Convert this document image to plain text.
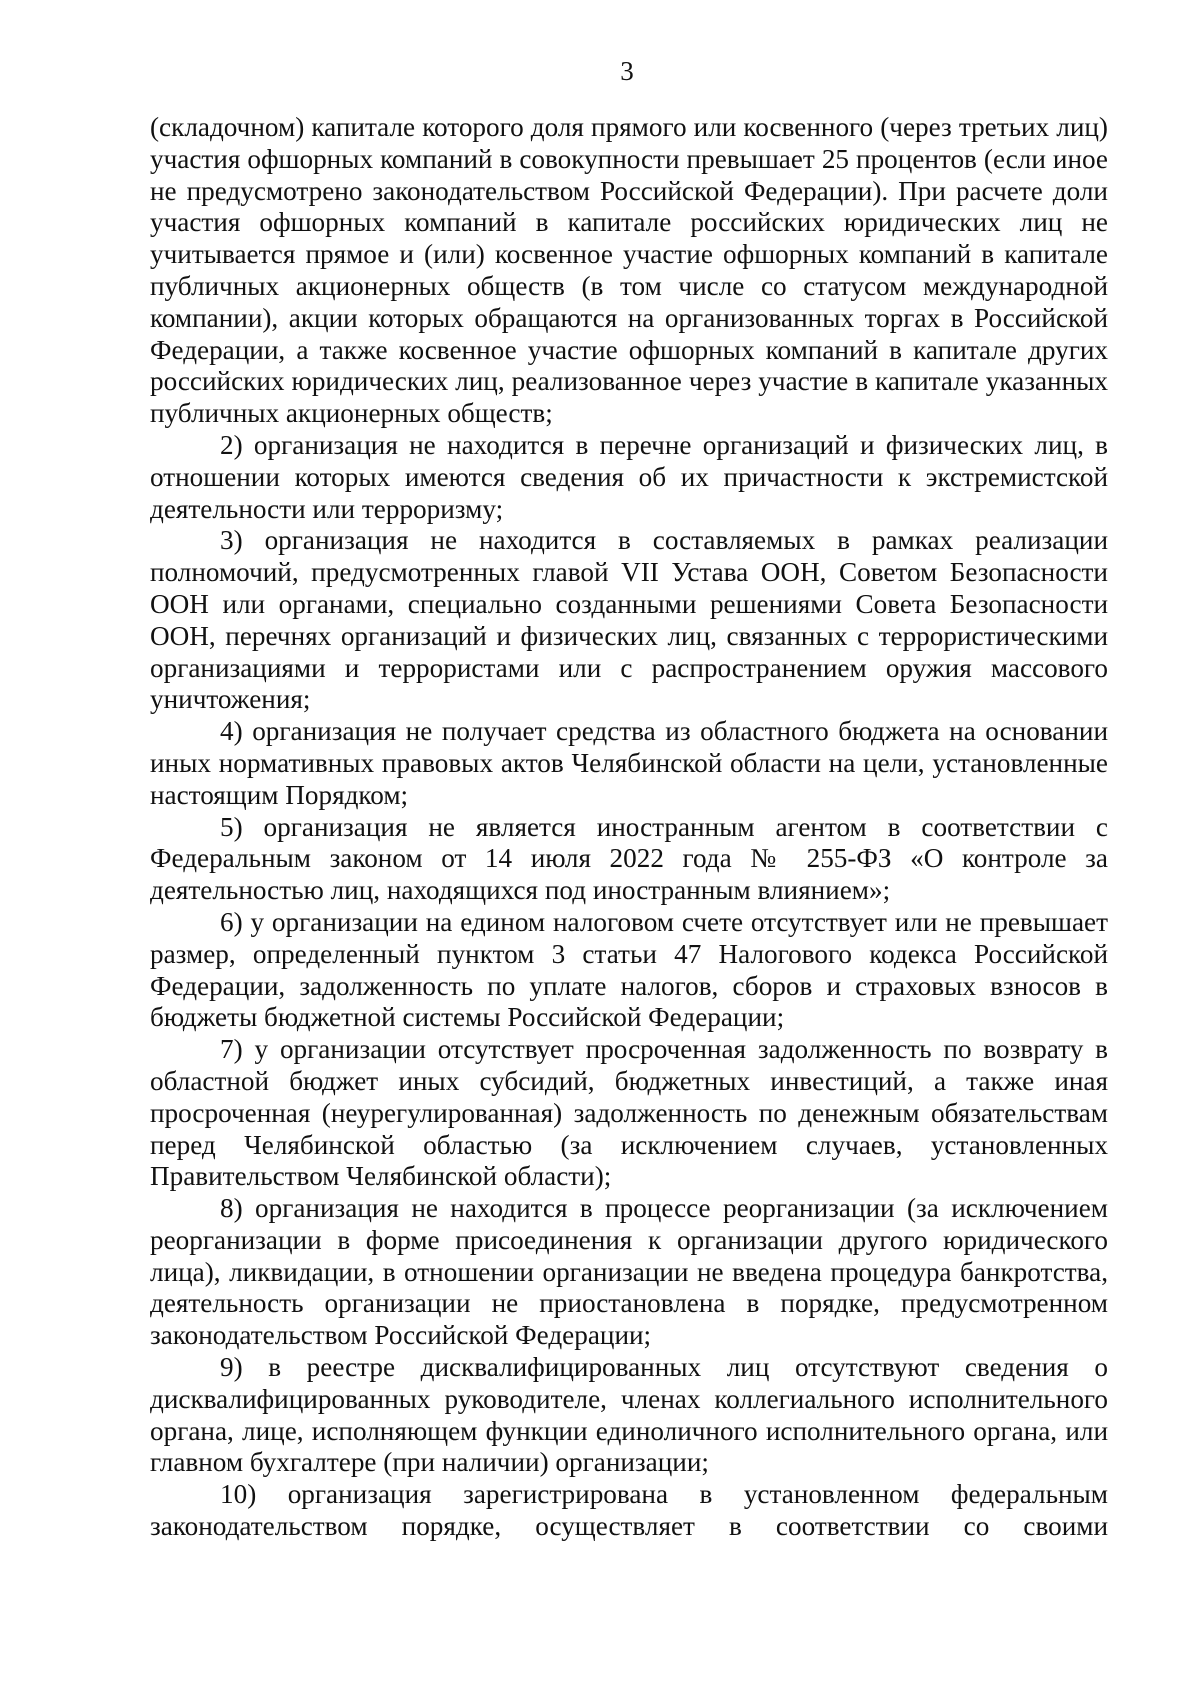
3

(складочном) капитале которого доля прямого или косвенного (через третьих лиц) участия офшорных компаний в совокупности превышает 25 процентов (если иное не предусмотрено законодательством Российской Федерации). При расчете доли участия офшорных компаний в капитале российских юридических лиц не учитывается прямое и (или) косвенное участие офшорных компаний в капитале публичных акционерных обществ (в том числе со статусом международной компании), акции которых обращаются на организованных торгах в Российской Федерации, а также косвенное участие офшорных компаний в капитале других российских юридических лиц, реализованное через участие в капитале указанных публичных акционерных обществ;

2) организация не находится в перечне организаций и физических лиц, в отношении которых имеются сведения об их причастности к экстремистской деятельности или терроризму;

3) организация не находится в составляемых в рамках реализации полномочий, предусмотренных главой VII Устава ООН, Советом Безопасности ООН или органами, специально созданными решениями Совета Безопасности ООН, перечнях организаций и физических лиц, связанных с террористическими организациями и террористами или с распространением оружия массового уничтожения;

4) организация не получает средства из областного бюджета на основании иных нормативных правовых актов Челябинской области на цели, установленные настоящим Порядком;

5) организация не является иностранным агентом в соответствии с Федеральным законом от 14 июля 2022 года № 255-ФЗ «О контроле за деятельностью лиц, находящихся под иностранным влиянием»;

6) у организации на едином налоговом счете отсутствует или не превышает размер, определенный пунктом 3 статьи 47 Налогового кодекса Российской Федерации, задолженность по уплате налогов, сборов и страховых взносов в бюджеты бюджетной системы Российской Федерации;

7) у организации отсутствует просроченная задолженность по возврату в областной бюджет иных субсидий, бюджетных инвестиций, а также иная просроченная (неурегулированная) задолженность по денежным обязательствам перед Челябинской областью (за исключением случаев, установленных Правительством Челябинской области);

8) организация не находится в процессе реорганизации (за исключением реорганизации в форме присоединения к организации другого юридического лица), ликвидации, в отношении организации не введена процедура банкротства, деятельность организации не приостановлена в порядке, предусмотренном законодательством Российской Федерации;

9) в реестре дисквалифицированных лиц отсутствуют сведения о дисквалифицированных руководителе, членах коллегиального исполнительного органа, лице, исполняющем функции единоличного исполнительного органа, или главном бухгалтере (при наличии) организации;

10) организация зарегистрирована в установленном федеральным законодательством порядке, осуществляет в соответствии со своими
